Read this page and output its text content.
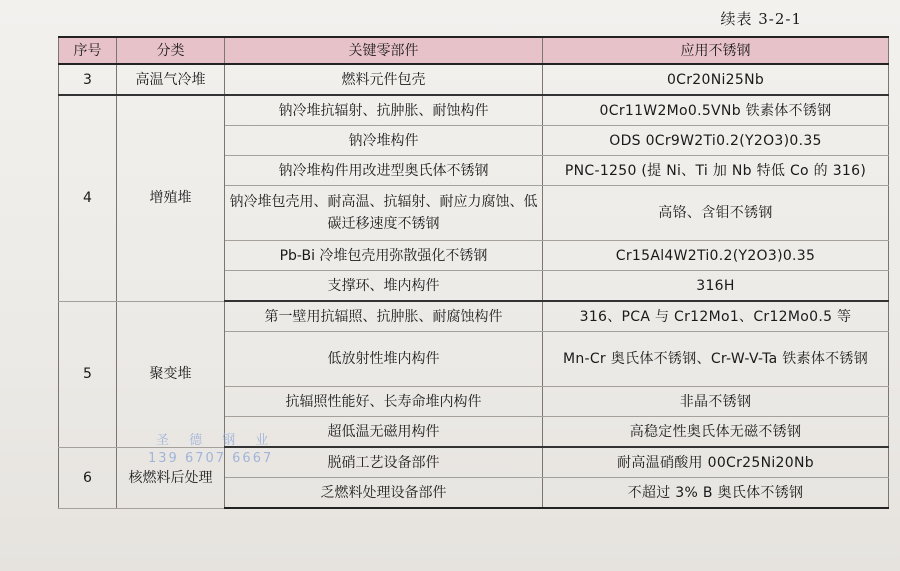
续表 3-2-1
序号	分类	关键零部件	应用不锈钢
3	高温气冷堆	燃料元件包壳	0Cr20Ni25Nb
4	增殖堆	钠冷堆抗辐射、抗肿胀、耐蚀构件	0Cr11W2Mo0.5VNb 铁素体不锈钢
		钠冷堆构件	ODS 0Cr9W2Ti0.2(Y2O3)0.35
		钠冷堆构件用改进型奥氏体不锈钢	PNC-1250 (提 Ni、Ti 加 Nb 特低 Co 的 316)
		钠冷堆包壳用、耐高温、抗辐射、耐应力腐蚀、低碳迁移速度不锈钢	高铬、含钼不锈钢
		Pb-Bi 冷堆包壳用弥散强化不锈钢	Cr15Al4W2Ti0.2(Y2O3)0.35
		支撑环、堆内构件	316H
5	聚变堆	第一壁用抗辐照、抗肿胀、耐腐蚀构件	316、PCA 与 Cr12Mo1、Cr12Mo0.5 等
		低放射性堆内构件	Mn-Cr 奥氏体不锈钢、Cr-W-V-Ta 铁素体不锈钢
		抗辐照性能好、长寿命堆内构件	非晶不锈钢
		超低温无磁用构件	高稳定性奥氏体无磁不锈钢
6	核燃料后处理	脱硝工艺设备部件	耐高温硝酸用 00Cr25Ni20Nb
		乏燃料处理设备部件	不超过 3% B 奥氏体不锈钢
圣 德 钢 业
139 6707 6667
